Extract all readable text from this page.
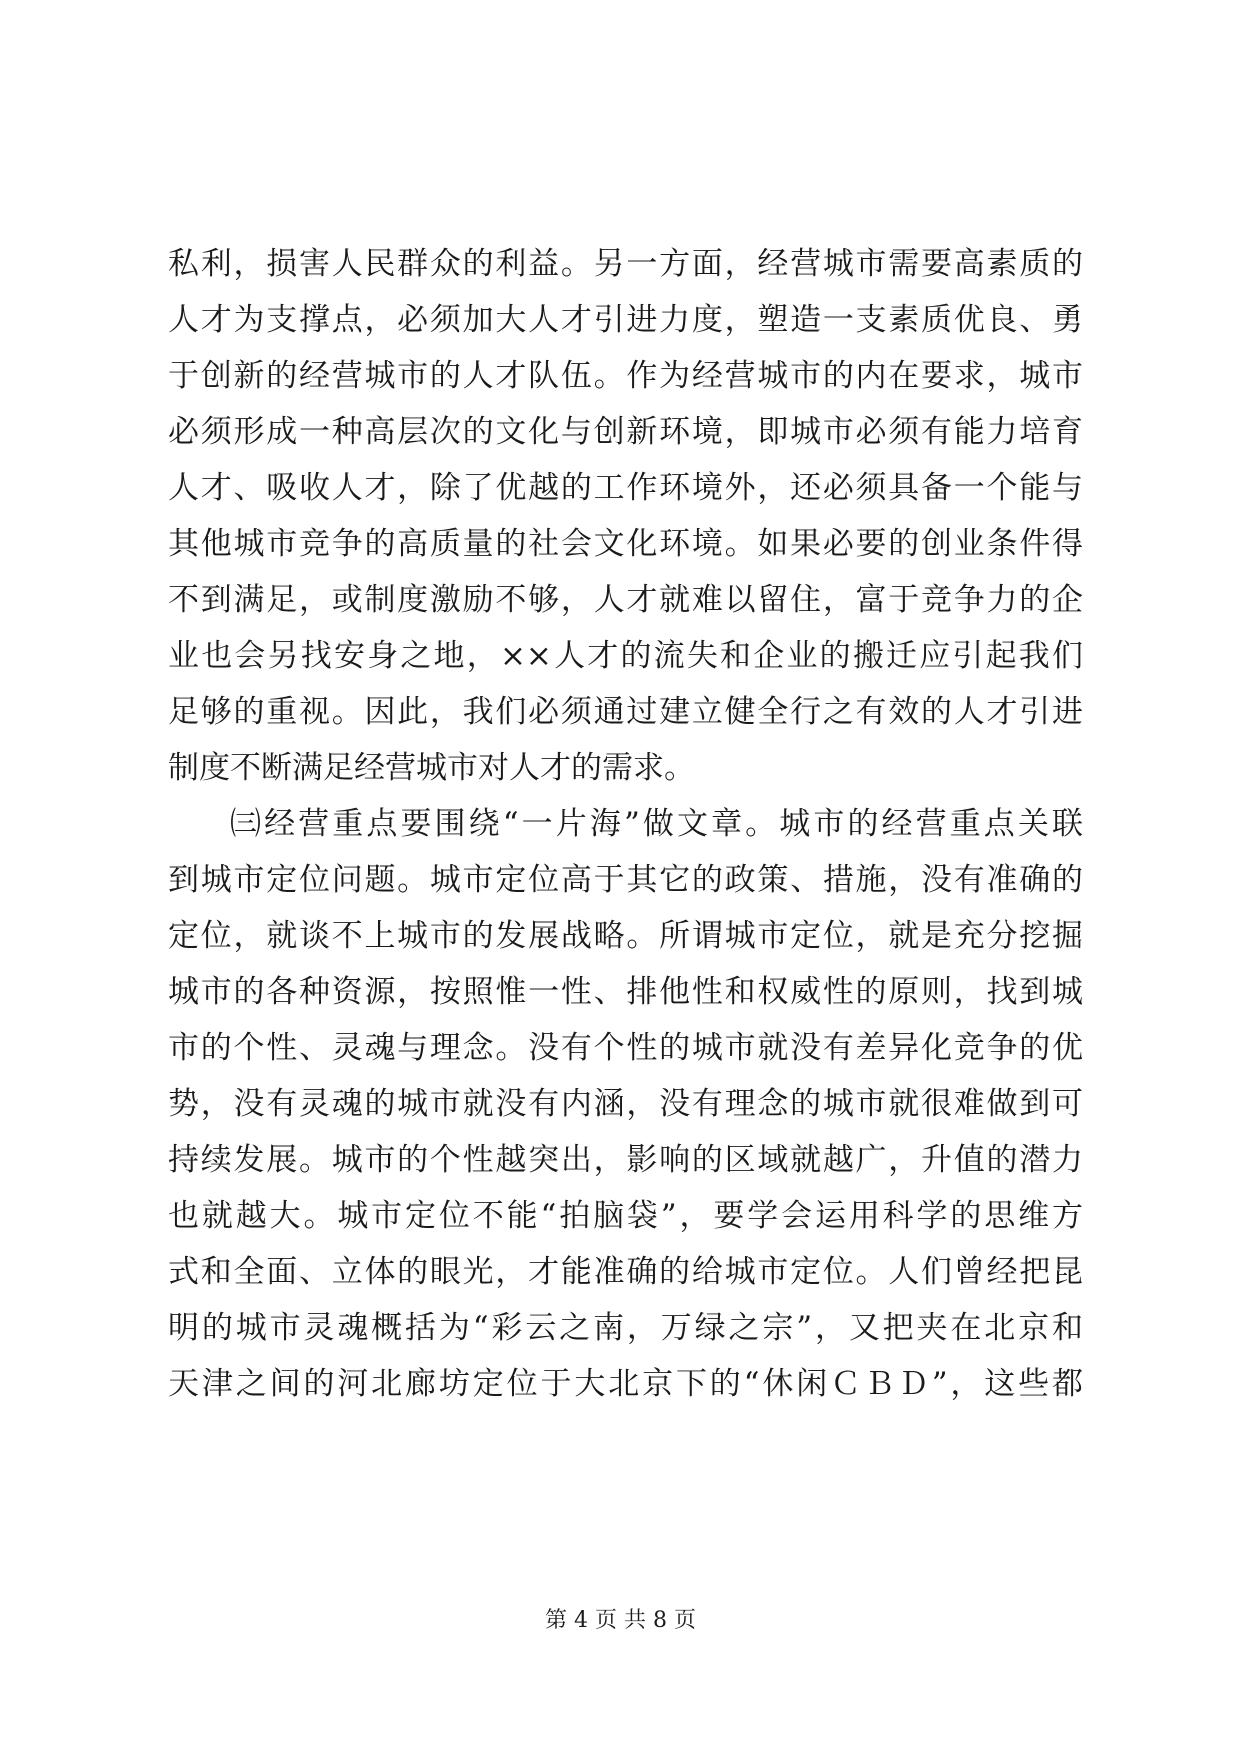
私利，损害人民群众的利益。另一方面，经营城市需要高素质的
人才为支撑点，必须加大人才引进力度，塑造一支素质优良、勇
于创新的经营城市的人才队伍。作为经营城市的内在要求，城市
必须形成一种高层次的文化与创新环境，即城市必须有能力培育
人才、吸收人才，除了优越的工作环境外，还必须具备一个能与
其他城市竞争的高质量的社会文化环境。如果必要的创业条件得
不到满足，或制度激励不够，人才就难以留住，富于竞争力的企
业也会另找安身之地，××人才的流失和企业的搬迁应引起我们
足够的重视。因此，我们必须通过建立健全行之有效的人才引进
制度不断满足经营城市对人才的需求。
㈢经营重点要围绕“一片海”做文章。城市的经营重点关联
到城市定位问题。城市定位高于其它的政策、措施，没有准确的
定位，就谈不上城市的发展战略。所谓城市定位，就是充分挖掘
城市的各种资源，按照惟一性、排他性和权威性的原则，找到城
市的个性、灵魂与理念。没有个性的城市就没有差异化竞争的优
势，没有灵魂的城市就没有内涵，没有理念的城市就很难做到可
持续发展。城市的个性越突出，影响的区域就越广，升值的潜力
也就越大。城市定位不能“拍脑袋”，要学会运用科学的思维方
式和全面、立体的眼光，才能准确的给城市定位。人们曾经把昆
明的城市灵魂概括为“彩云之南，万绿之宗”，又把夹在北京和
天津之间的河北廊坊定位于大北京下的“休闲ＣＢＤ”，这些都
第 4 页 共 8 页
